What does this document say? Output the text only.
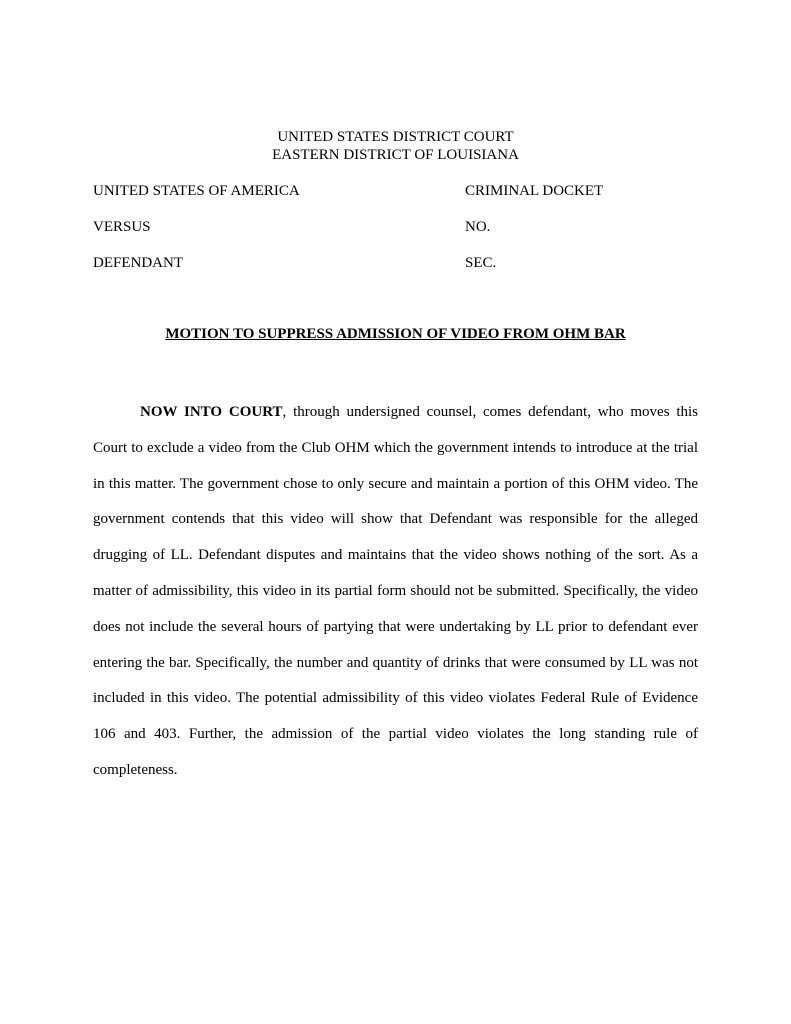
UNITED STATES DISTRICT COURT
EASTERN DISTRICT OF LOUISIANA
UNITED STATES OF AMERICA	CRIMINAL DOCKET
VERSUS	NO.
DEFENDANT	SEC.
MOTION TO SUPPRESS ADMISSION OF VIDEO FROM OHM BAR
NOW INTO COURT, through undersigned counsel, comes defendant, who moves this Court to exclude a video from the Club OHM which the government intends to introduce at the trial in this matter. The government chose to only secure and maintain a portion of this OHM video. The government contends that this video will show that Defendant was responsible for the alleged drugging of LL. Defendant disputes and maintains that the video shows nothing of the sort. As a matter of admissibility, this video in its partial form should not be submitted. Specifically, the video does not include the several hours of partying that were undertaking by LL prior to defendant ever entering the bar. Specifically, the number and quantity of drinks that were consumed by LL was not included in this video. The potential admissibility of this video violates Federal Rule of Evidence 106 and 403. Further, the admission of the partial video violates the long standing rule of completeness.
